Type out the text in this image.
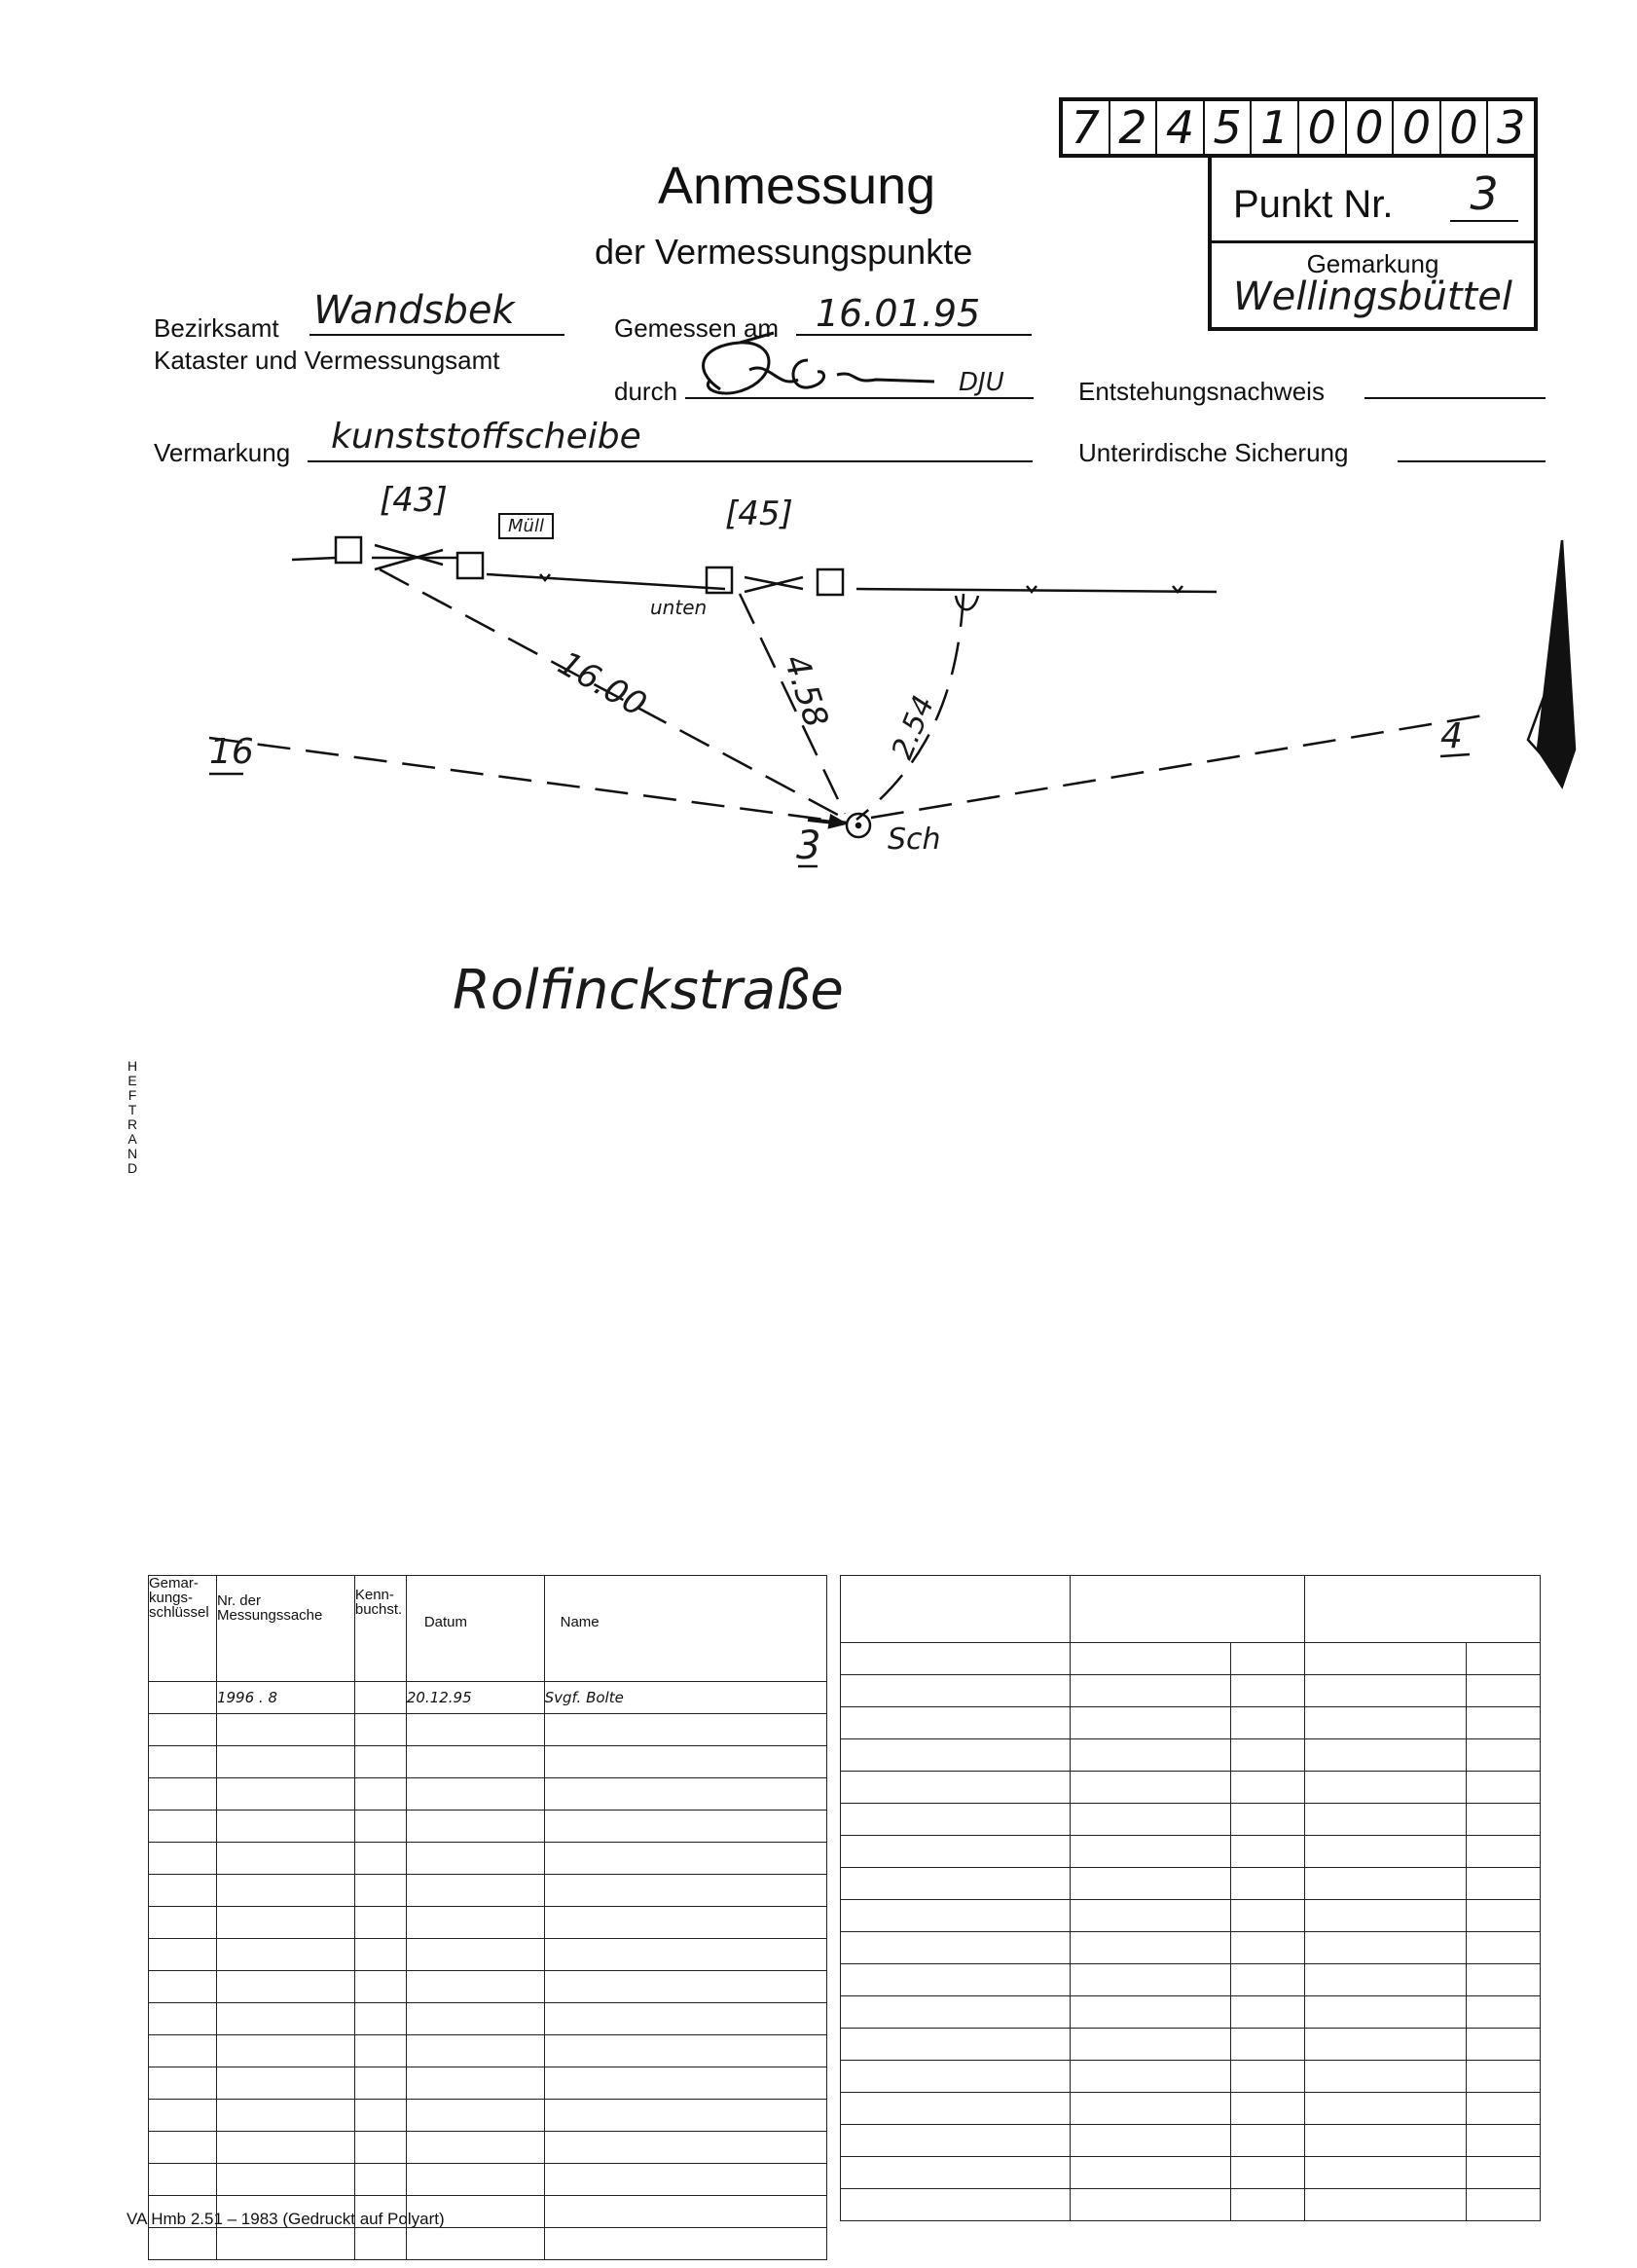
7 2 4 5 1 0 0 0 0 3
Punkt Nr.	3
Gemarkung
Wellingsbüttel
Anmessung
der Vermessungspunkte
Bezirksamt Wandsbek
Kataster und Vermessungsamt
Gemessen am 16.01.95
durch	DJU	Entstehungsnachweis
Vermarkung kunststoffscheibe	Unterirdische Sicherung
[43]
Müll	[45]
unten
16.00	4.58 2.54
16	4
3 Sch
Rolfinckstraße
HEFTRAND
Gemar-kungs-schlüssel	Nr. der Messungssache	Kenn-buchst.	Datum	Name
	1996 . 8		20.12.95	Svgf. Bolte

VA Hmb 2.51 – 1983 (Gedruckt auf Polyart)
